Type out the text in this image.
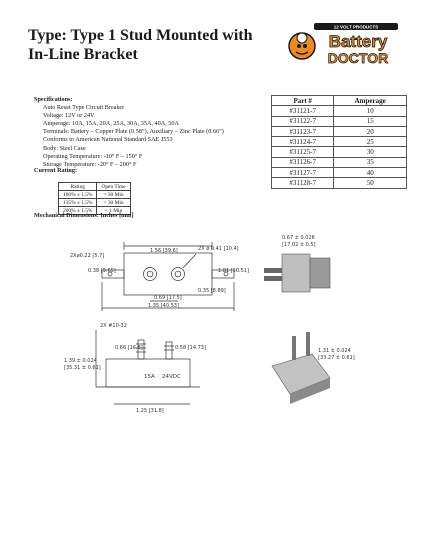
Type: Type 1 Stud Mounted with
In-Line Bracket
12 VOLT PRODUCTS
Battery
DOCTOR
Specifications:
Auto Reset Type Circuit Breaker
Voltage: 12V or 24V
Amperage: 10A, 15A, 20A, 25A, 30A, 35A, 40A, 50A
Terminals: Battery – Copper Plate (0.58”), Auxiliary – Zinc Plate (0.66”)
Conforms to American National Standard SAE J553
Body: Steel Case
Operating Temperature: -10° F – 150° F
Storage Temperature: -20° F – 200° F
Current Rating:
Rating	Open Time
100% ± 1.5%	> 30 Min
135% ± 1.5%	< 30 Min
200% ± 1.5%	< 1 Min
Mechanical Dimensions: Inches [mm]
Part #	Amperage
#31121-7	10
#31122-7	15
#31123-7	20
#31124-7	25
#31125-7	30
#31126-7	35
#31127-7	40
#31128-7	50
2Xø0.22 [5.7]
1.56 [39.6]	2X ø 0.41 [10.4]
0.38 [9.65]	1.81 [30.51]
0.35 [8.89]
0.69 [17.5]
1.35 [40.53]
2X #10-32
0.66 [16.8]	0.58 [14.73]
1.39 ± 0.024
[35.31 ± 0.61]
15A 24VDC
1.25 [31.8]
0.67 ± 0.026
[17.02 ± 0.5]
1.31 ± 0.024
[33.27 ± 0.61]
